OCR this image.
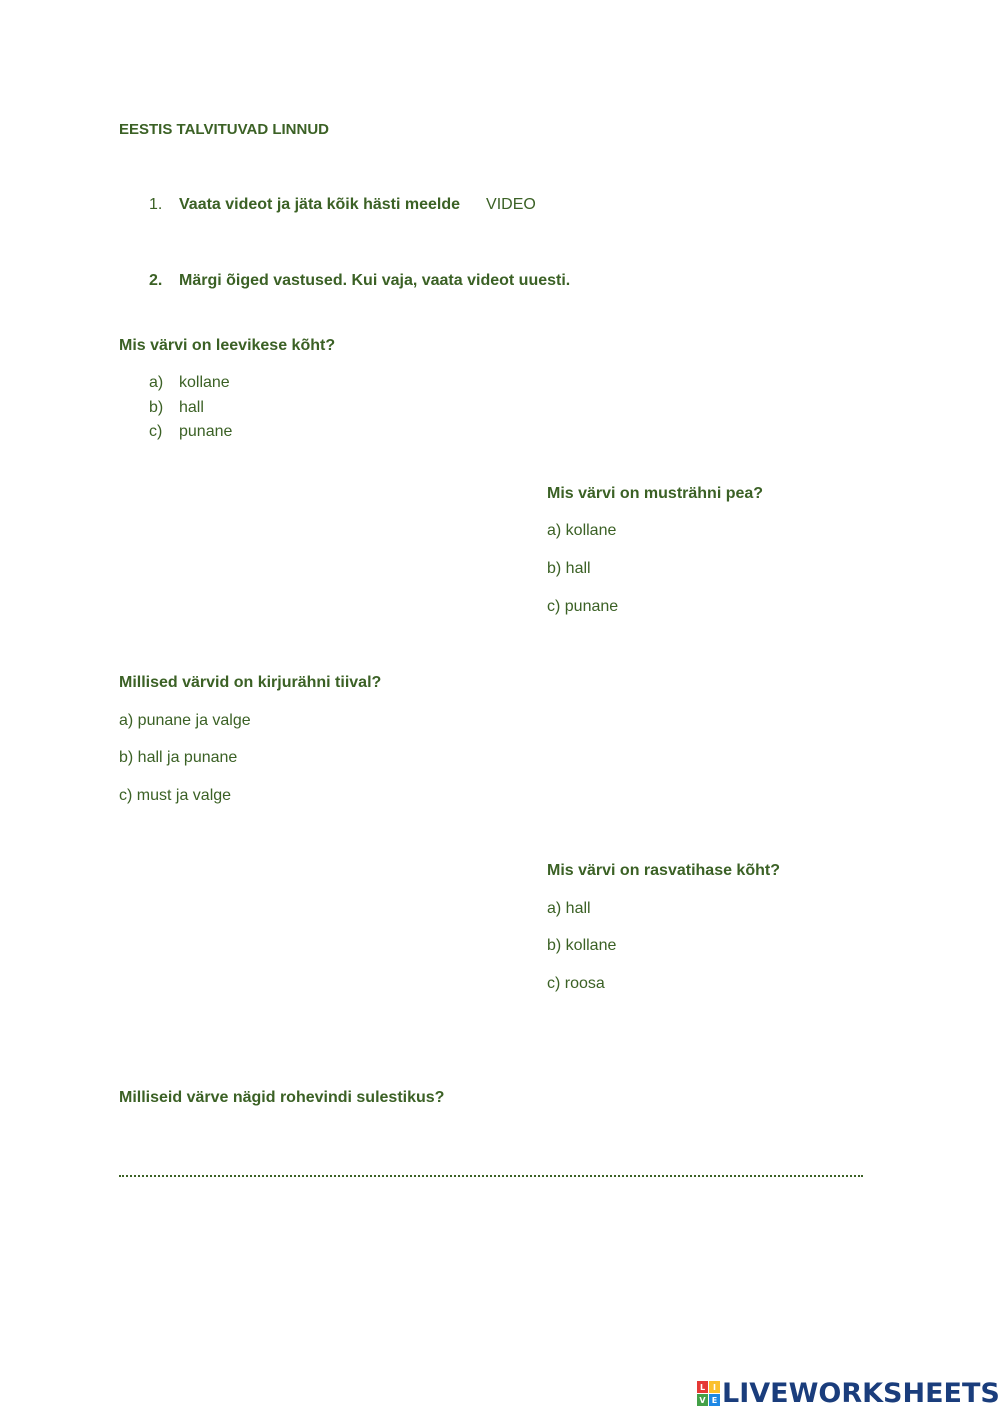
EESTIS TALVITUVAD LINNUD
1. Vaata videot ja jäta kõik hästi meelde VIDEO
2. Märgi õiged vastused. Kui vaja, vaata videot uuesti.
Mis värvi on leevikese kõht?
a) kollane
b) hall
c) punane
Mis värvi on musträhni pea?
a) kollane
b) hall
c) punane
Millised värvid on kirjurähni tiival?
a) punane ja valge
b) hall ja punane
c) must ja valge
Mis värvi on rasvatihase kõht?
a) hall
b) kollane
c) roosa
Milliseid värve nägid rohevindi sulestikus?
L I
V E LIVEWORKSHEETS
